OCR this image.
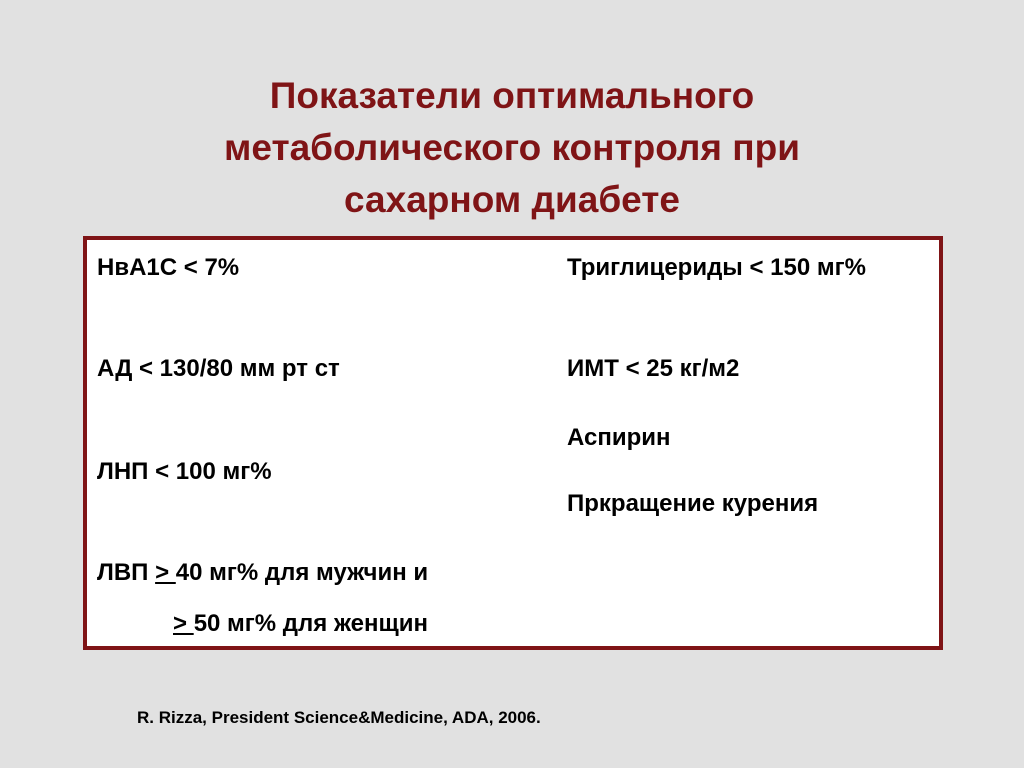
Показатели оптимального
метаболического контроля при
сахарном диабете
НвА1С < 7%
АД < 130/80 мм рт ст
ЛНП < 100 мг%
ЛВП > 40 мг% для мужчин и
> 50 мг% для женщин
Триглицериды < 150 мг%
ИМТ < 25 кг/м2
Аспирин
Пркращение курения
R. Rizza, President Science&Medicine, ADA, 2006.
